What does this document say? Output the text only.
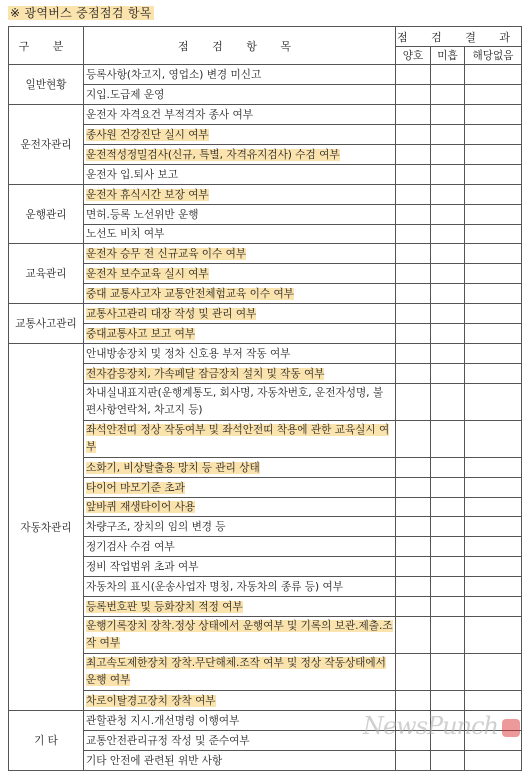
※ 광역버스 중점점검 항목
구 분	점 검 항 목	점 검 결 과		
		양호	미흡	해당없음
일반현황	등록사항(차고지, 영업소) 변경 미신고			
	지입.도급제 운영			
운전자관리	운전자 자격요건 부적격자 종사 여부			
	종사원 건강진단 실시 여부			
	운전적성정밀검사(신규, 특별, 자격유지검사) 수검 여부			
	운전자 입.퇴사 보고			
운행관리	운전자 휴식시간 보장 여부			
	면허.등록 노선위반 운행			
	노선도 비치 여부			
교육관리	운전자 승무 전 신규교육 이수 여부			
	운전자 보수교육 실시 여부			
	중대 교통사고자 교통안전체험교육 이수 여부			
교통사고관리	교통사고관리 대장 작성 및 관리 여부			
	중대교통사고 보고 여부			
자동차관리	안내방송장치 및 정차 신호용 부저 작동 여부			
	전자감응장치, 가속페달 잠금장치 설치 및 작동 여부			
	차내실내표지판(운행계통도, 회사명, 자동차번호, 운전자성명, 불편사항연락처, 차고지 등)			
	좌석안전띠 정상 작동여부 및 좌석안전띠 착용에 관한 교육실시 여부			
	소화기, 비상탈출용 망치 등 관리 상태			
	타이어 마모기준 초과			
	앞바퀴 재생타이어 사용			
	차량구조, 장치의 임의 변경 등			
	정기검사 수검 여부			
	정비 작업범위 초과 여부			
	자동차의 표시(운송사업자 명칭, 자동차의 종류 등) 여부			
	등록번호판 및 등화장치 적정 여부			
	운행기록장치 장착.정상 상태에서 운행여부 및 기록의 보관.제출.조작 여부			
	최고속도제한장치 장착.무단해체.조작 여부 및 정상 작동상태에서 운행 여부			
	차로이탈경고장치 장착 여부			
기 타	관할관청 지시.개선명령 이행여부			
	교통안전관리규정 작성 및 준수여부			
	기타 안전에 관련된 위반 사항			
NewsPunch
